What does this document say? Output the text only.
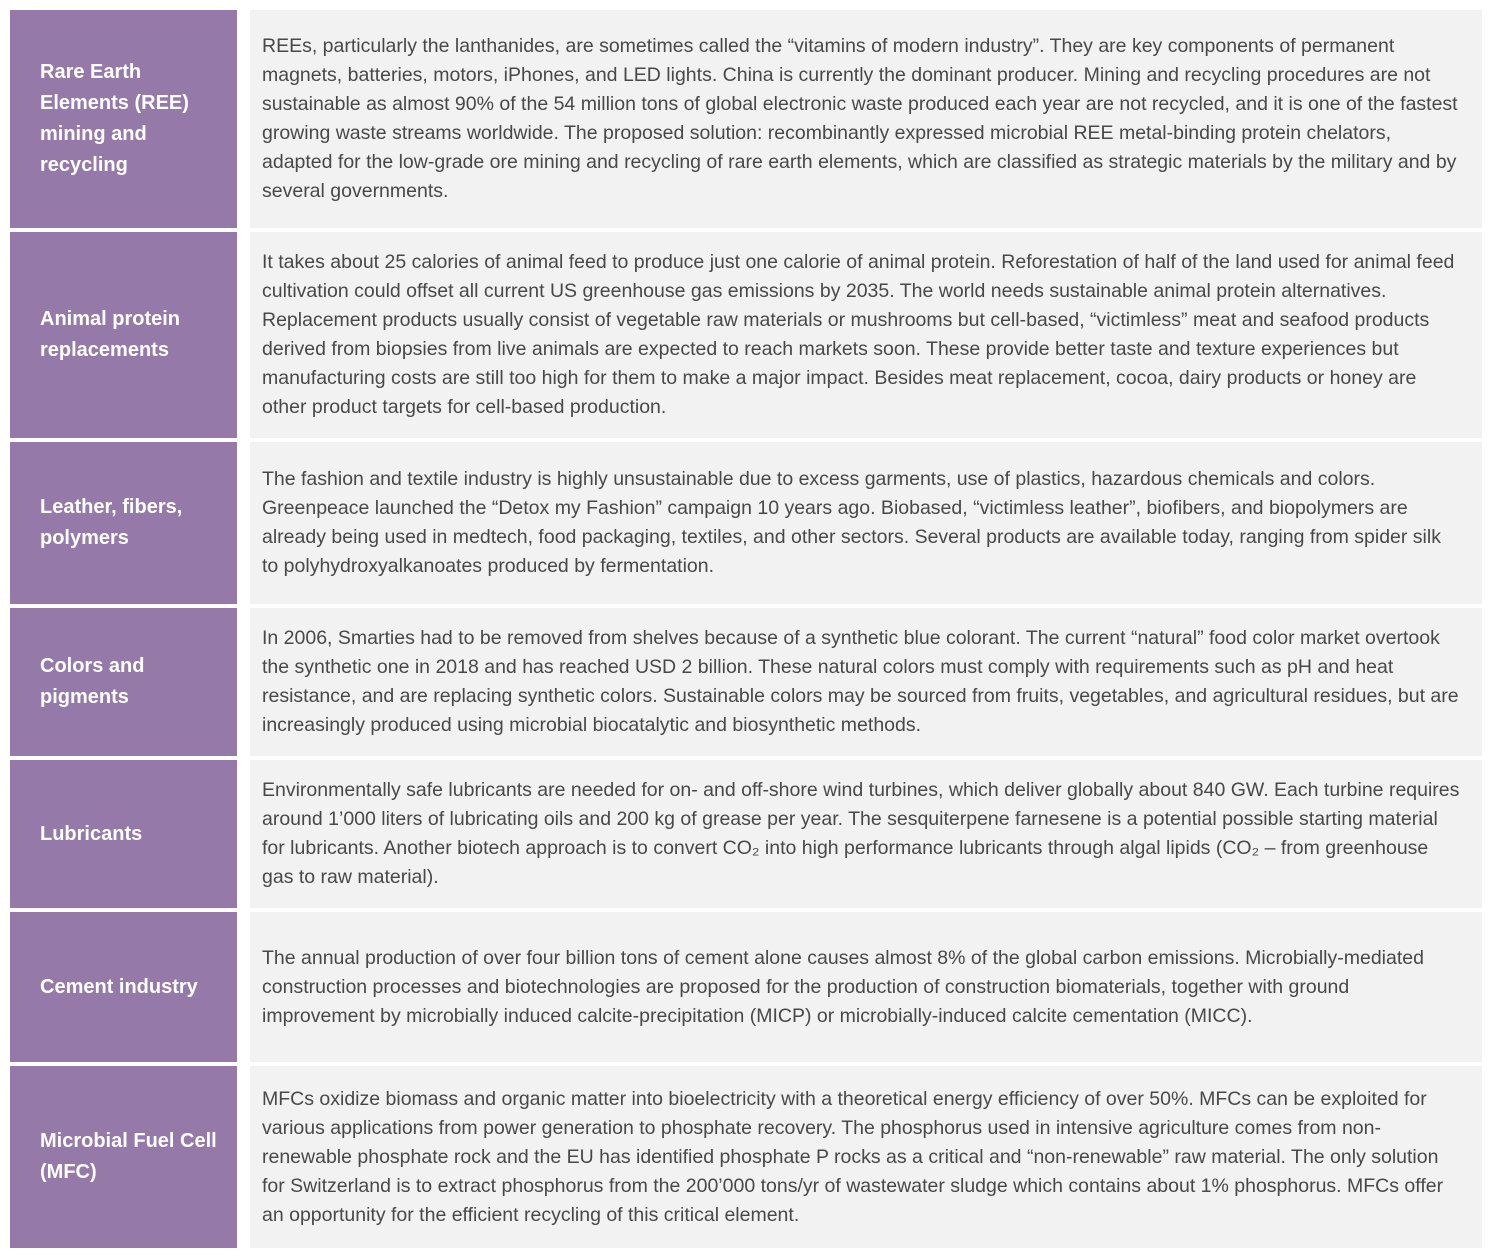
Rare Earth Elements (REE) mining and recycling
REEs, particularly the lanthanides, are sometimes called the “vitamins of modern industry”. They are key components of permanent magnets, batteries, motors, iPhones, and LED lights. China is currently the dominant producer. Mining and recycling procedures are not sustainable as almost 90% of the 54 million tons of global electronic waste produced each year are not recycled, and it is one of the fastest growing waste streams worldwide. The proposed solution: recombinantly expressed microbial REE metal-binding protein chelators, adapted for the low-grade ore mining and recycling of rare earth elements, which are classified as strategic materials by the military and by several governments.
Animal protein replacements
It takes about 25 calories of animal feed to produce just one calorie of animal protein. Reforestation of half of the land used for animal feed cultivation could offset all current US greenhouse gas emissions by 2035. The world needs sustainable animal protein alternatives. Replacement products usually consist of vegetable raw materials or mushrooms but cell-based, “victimless” meat and seafood products derived from biopsies from live animals are expected to reach markets soon. These provide better taste and texture experiences but manufacturing costs are still too high for them to make a major impact. Besides meat replacement, cocoa, dairy products or honey are other product targets for cell-based production.
Leather, fibers, polymers
The fashion and textile industry is highly unsustainable due to excess garments, use of plastics, hazardous chemicals and colors. Greenpeace launched the “Detox my Fashion” campaign 10 years ago. Biobased, “victimless leather”, biofibers, and biopolymers are already being used in medtech, food packaging, textiles, and other sectors. Several products are available today, ranging from spider silk to polyhydroxyalkanoates produced by fermentation.
Colors and pigments
In 2006, Smarties had to be removed from shelves because of a synthetic blue colorant. The current “natural” food color market overtook the synthetic one in 2018 and has reached USD 2 billion. These natural colors must comply with requirements such as pH and heat resistance, and are replacing synthetic colors. Sustainable colors may be sourced from fruits, vegetables, and agricultural residues, but are increasingly produced using microbial biocatalytic and biosynthetic methods.
Lubricants
Environmentally safe lubricants are needed for on- and off-shore wind turbines, which deliver globally about 840 GW. Each turbine requires around 1’000 liters of lubricating oils and 200 kg of grease per year. The sesquiterpene farnesene is a potential possible starting material for lubricants. Another biotech approach is to convert CO₂ into high performance lubricants through algal lipids (CO₂ – from greenhouse gas to raw material).
Cement industry
The annual production of over four billion tons of cement alone causes almost 8% of the global carbon emissions. Microbially-mediated construction processes and biotechnologies are proposed for the production of construction biomaterials, together with ground improvement by microbially induced calcite-precipitation (MICP) or microbially-induced calcite cementation (MICC).
Microbial Fuel Cell (MFC)
MFCs oxidize biomass and organic matter into bioelectricity with a theoretical energy efficiency of over 50%. MFCs can be exploited for various applications from power generation to phosphate recovery. The phosphorus used in intensive agriculture comes from non-renewable phosphate rock and the EU has identified phosphate P rocks as a critical and “non-renewable” raw material. The only solution for Switzerland is to extract phosphorus from the 200’000 tons/yr of wastewater sludge which contains about 1% phosphorus. MFCs offer an opportunity for the efficient recycling of this critical element.
